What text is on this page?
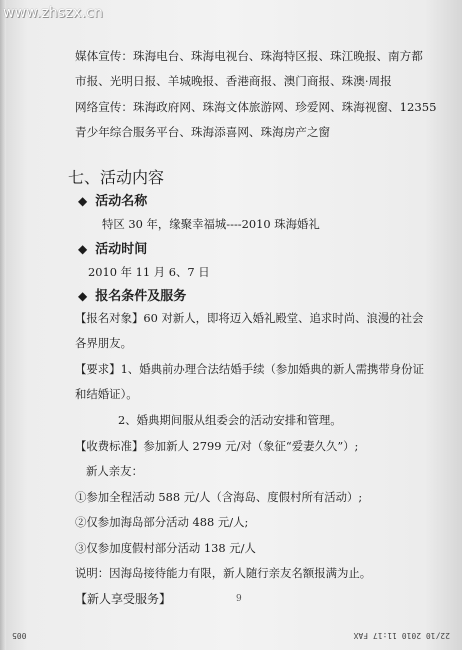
www.zhszx.cn
媒体宣传：珠海电台、珠海电视台、珠海特区报、珠江晚报、南方都
市报、光明日报、羊城晚报、香港商报、澳门商报、珠澳·周报
网络宣传：珠海政府网、珠海文体旅游网、珍爱网、珠海视窗、12355
青少年综合服务平台、珠海添喜网、珠海房产之窗
七、活动内容
◆ 活动名称
特区 30 年，缘聚幸福城----2010 珠海婚礼
◆ 活动时间
2010 年 11 月 6、7 日
◆ 报名条件及服务
【报名对象】60 对新人，即将迈入婚礼殿堂、追求时尚、浪漫的社会
各界朋友。
【要求】1、婚典前办理合法结婚手续（参加婚典的新人需携带身份证
和结婚证）。
2、婚典期间服从组委会的活动安排和管理。
【收费标准】参加新人 2799 元/对（象征“爱妻久久”）;
新人亲友：
①参加全程活动 588 元/人（含海岛、度假村所有活动）;
②仅参加海岛部分活动 488 元/人;
③仅参加度假村部分活动 138 元/人
说明：因海岛接待能力有限，新人随行亲友名额报满为止。
【新人享受服务】	9
22/10 2010 11:17 FAX
005
